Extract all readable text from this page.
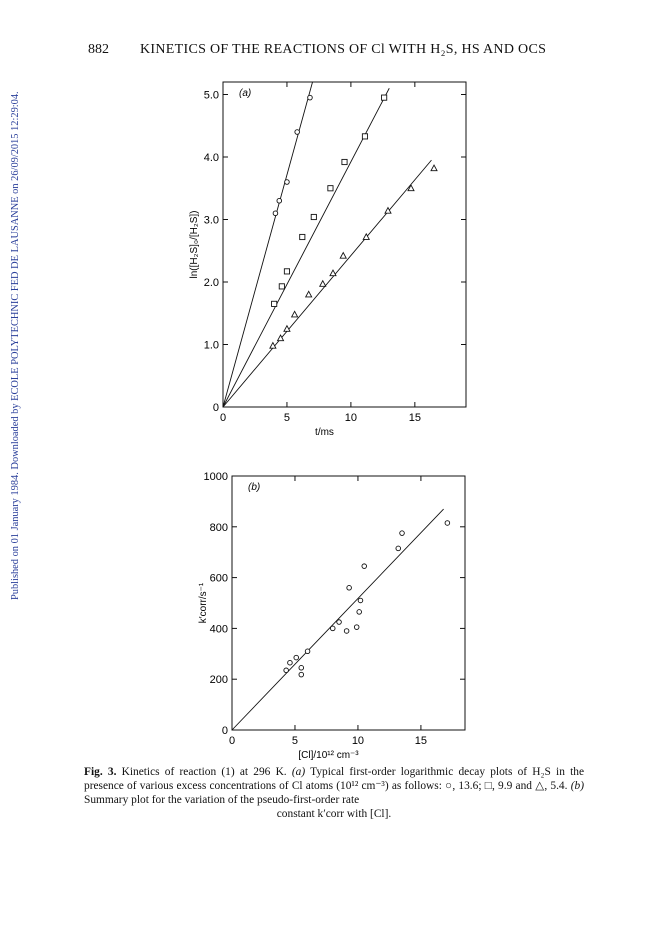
882 KINETICS OF THE REACTIONS OF Cl WITH H₂S, HS AND OCS
Published on 01 January 1984. Downloaded by ECOLE POLYTECHNIC FED DE LAUSANNE on 26/09/2015 12:29:04.	0	5	10	15
0
1.0
2.0
3.0
4.0
5.0 (a)
t/ms
ln([H₂S]₀/[H₂S])
0	5	10	15
0
200
400
600
800
1000
(b)
[Cl]/10¹² cm⁻³
k′corr/s⁻¹
Fig. 3. Kinetics of reaction (1) at 296 K. (a) Typical first-order logarithmic decay plots of H₂S in the presence of various excess concentrations of Cl atoms (10¹² cm⁻³) as follows: ○, 13.6; □, 9.9 and △, 5.4. (b) Summary plot for the variation of the pseudo-first-order rate
constant k′corr with [Cl].
